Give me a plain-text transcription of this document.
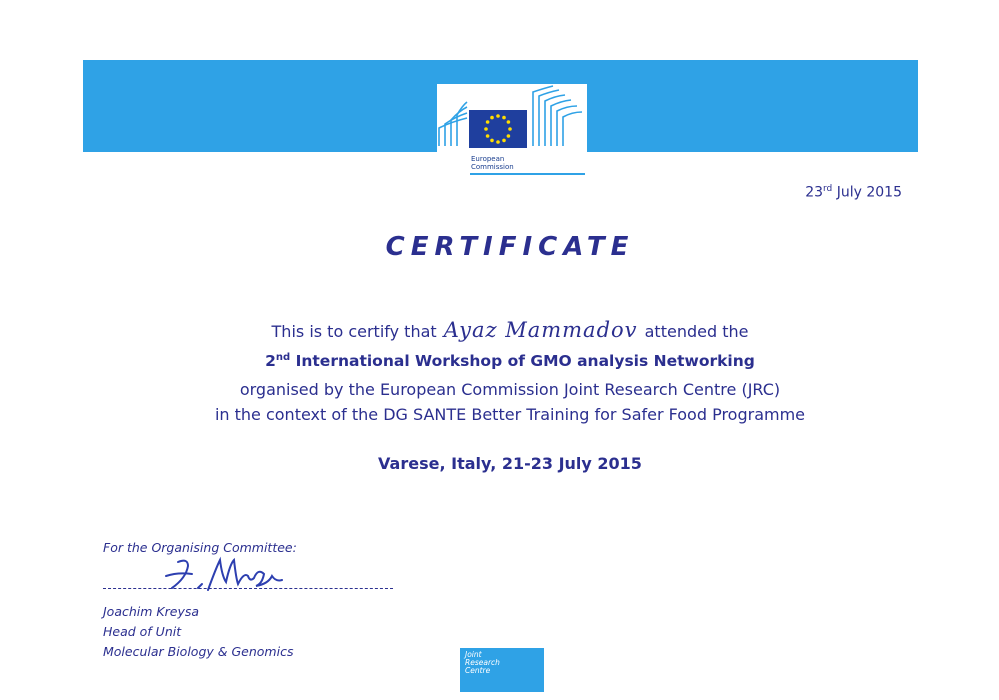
European
Commission
23rd July 2015
CERTIFICATE
This is to certify that Ayaz Mammadov attended the
2nd International Workshop of GMO analysis Networking
organised by the European Commission Joint Research Centre (JRC)
in the context of the DG SANTE Better Training for Safer Food Programme
Varese, Italy, 21-23 July 2015
For the Organising Committee:
Joachim Kreysa
Head of Unit
Molecular Biology & Genomics	Joint
Research
Centre
